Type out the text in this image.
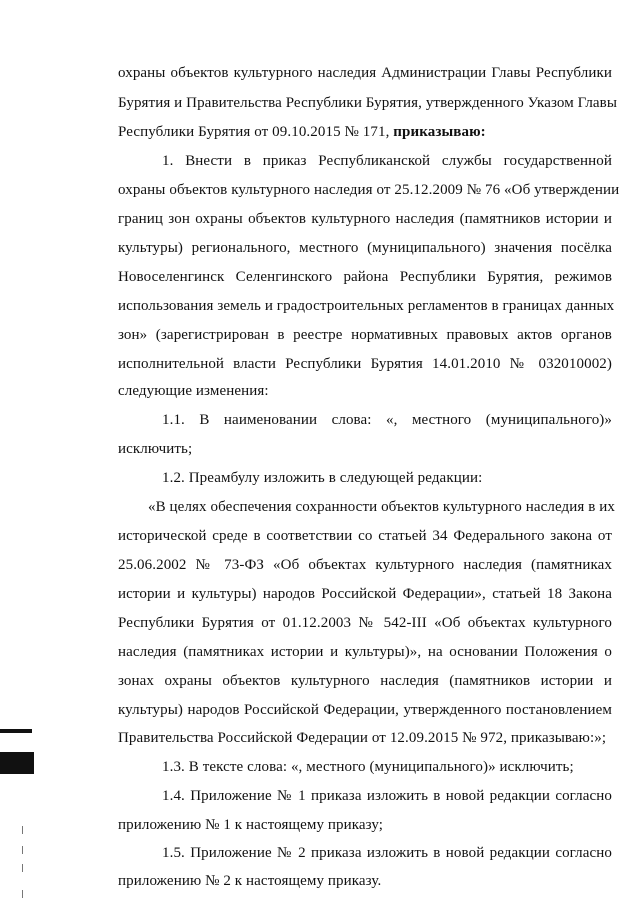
охраны объектов культурного наследия Администрации Главы Республики
Бурятия и Правительства Республики Бурятия, утвержденного Указом Главы
Республики Бурятия от 09.10.2015 № 171, приказываю:
1. Внести в приказ Республиканской службы государственной
охраны объектов культурного наследия от 25.12.2009 № 76 «Об утверждении
границ зон охраны объектов культурного наследия (памятников истории и
культуры) регионального, местного (муниципального) значения посёлка
Новоселенгинск Селенгинского района Республики Бурятия, режимов
использования земель и градостроительных регламентов в границах данных
зон» (зарегистрирован в реестре нормативных правовых актов органов
исполнительной власти Республики Бурятия 14.01.2010 № 032010002)
следующие изменения:
1.1. В наименовании слова: «, местного (муниципального)»
исключить;
1.2. Преамбулу изложить в следующей редакции:
«В целях обеспечения сохранности объектов культурного наследия в их
исторической среде в соответствии со статьей 34 Федерального закона от
25.06.2002 № 73-ФЗ «Об объектах культурного наследия (памятниках
истории и культуры) народов Российской Федерации», статьей 18 Закона
Республики Бурятия от 01.12.2003 № 542-III «Об объектах культурного
наследия (памятниках истории и культуры)», на основании Положения о
зонах охраны объектов культурного наследия (памятников истории и
культуры) народов Российской Федерации, утвержденного постановлением
Правительства Российской Федерации от 12.09.2015 № 972, приказываю:»;
1.3. В тексте слова: «, местного (муниципального)» исключить;
1.4. Приложение № 1 приказа изложить в новой редакции согласно
приложению № 1 к настоящему приказу;
1.5. Приложение № 2 приказа изложить в новой редакции согласно
приложению № 2 к настоящему приказу.
